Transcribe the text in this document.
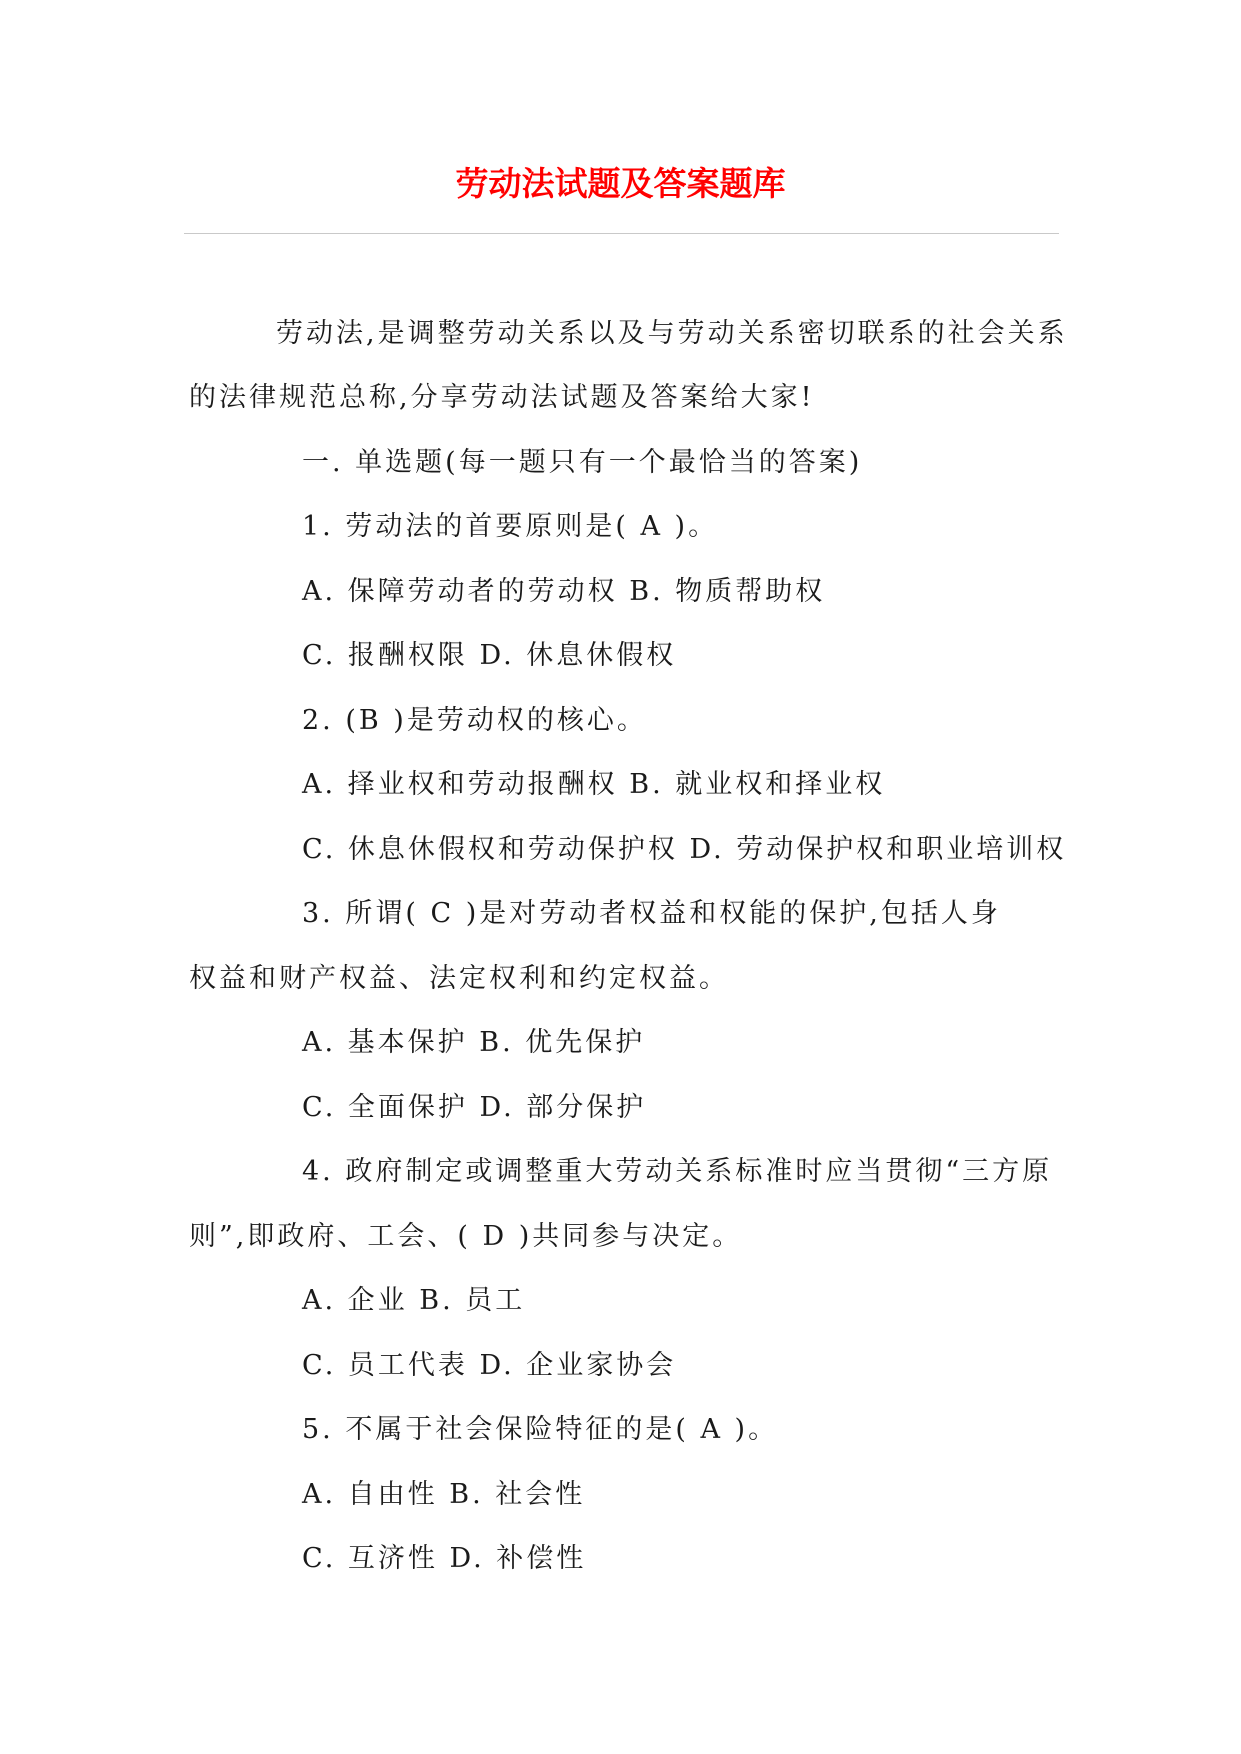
劳动法试题及答案题库

劳动法,是调整劳动关系以及与劳动关系密切联系的社会关系

的法律规范总称,分享劳动法试题及答案给大家!

一. 单选题(每一题只有一个最恰当的答案)

1. 劳动法的首要原则是( A )。

A. 保障劳动者的劳动权 B. 物质帮助权

C. 报酬权限 D. 休息休假权

2. (B )是劳动权的核心。

A. 择业权和劳动报酬权 B. 就业权和择业权

C. 休息休假权和劳动保护权 D. 劳动保护权和职业培训权

3. 所谓( C )是对劳动者权益和权能的保护,包括人身

权益和财产权益、法定权利和约定权益。

A. 基本保护 B. 优先保护

C. 全面保护 D. 部分保护

4. 政府制定或调整重大劳动关系标准时应当贯彻“三方原

则”,即政府、工会、( D )共同参与决定。

A. 企业 B. 员工

C. 员工代表 D. 企业家协会

5. 不属于社会保险特征的是( A )。

A. 自由性 B. 社会性

C. 互济性 D. 补偿性
